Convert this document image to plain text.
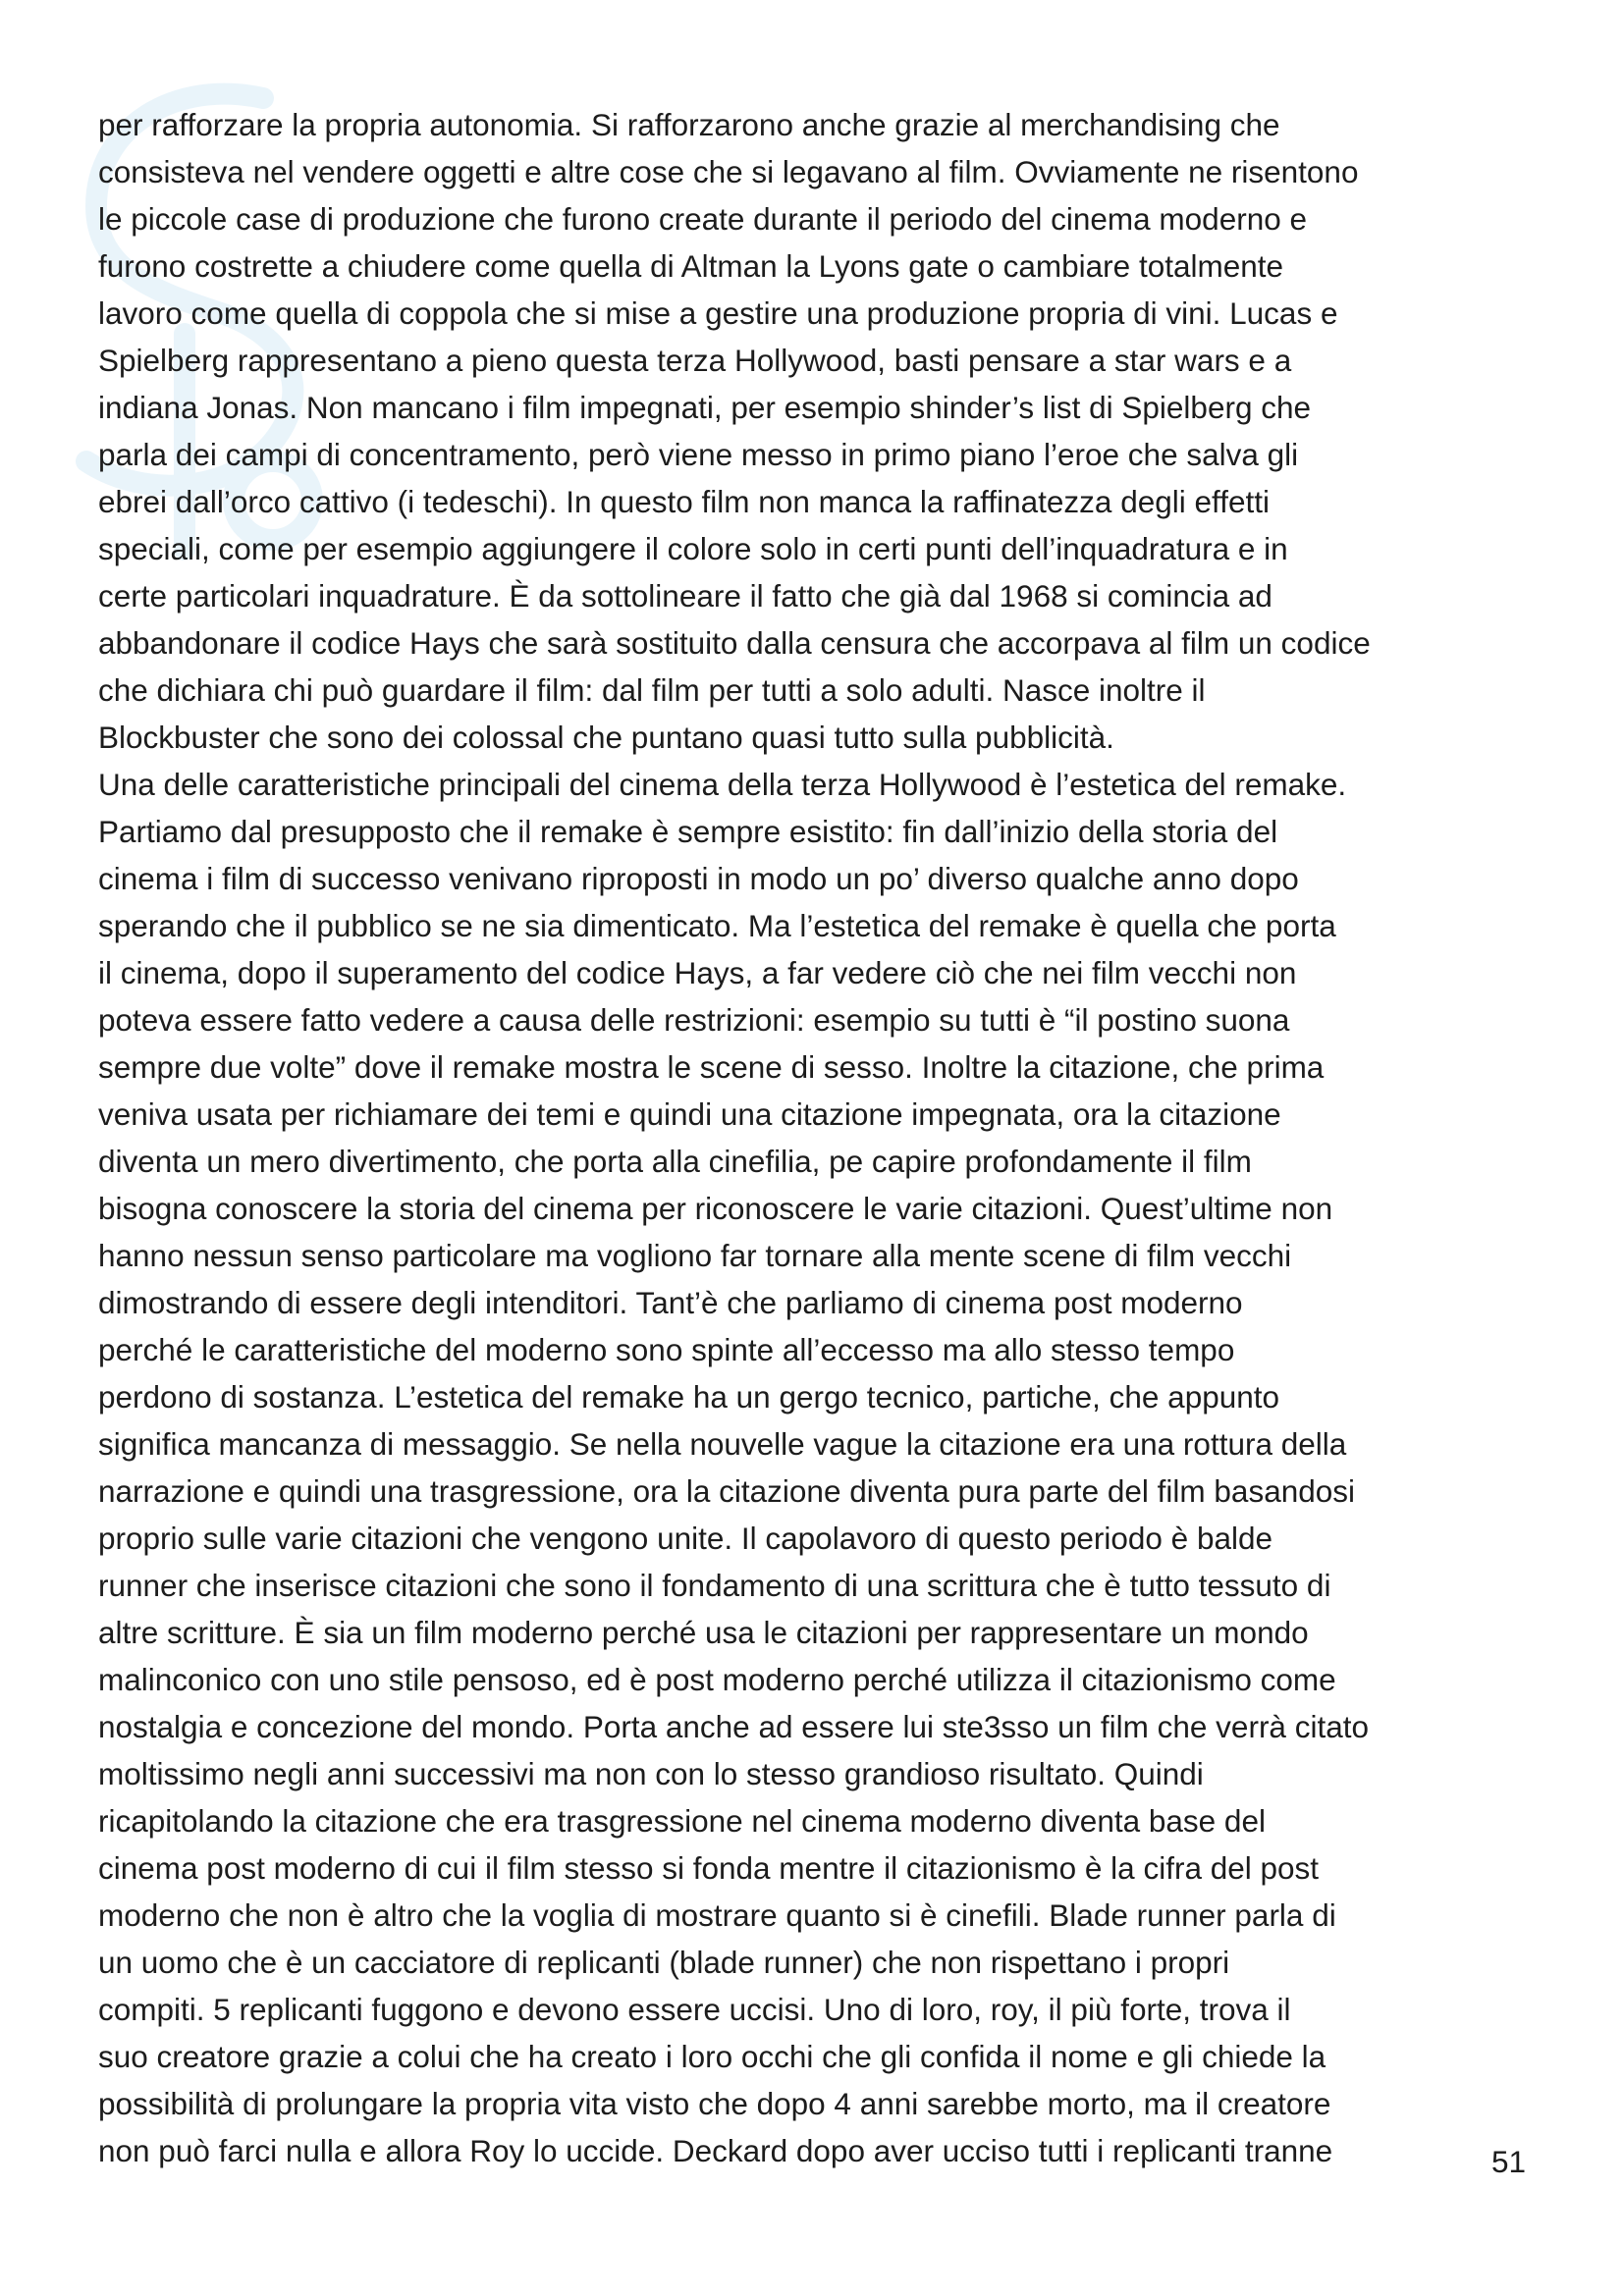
per rafforzare la propria autonomia. Si rafforzarono anche grazie al merchandising che
consisteva nel vendere oggetti e altre cose che si legavano al film. Ovviamente ne risentono
le piccole case di produzione che furono create durante il periodo del cinema moderno e
furono costrette a chiudere come quella di Altman la Lyons gate o cambiare totalmente
lavoro come quella di coppola che si mise a gestire una produzione propria di vini. Lucas e
Spielberg rappresentano a pieno questa terza Hollywood, basti pensare a star wars e a
indiana Jonas. Non mancano i film impegnati, per esempio shinder’s list di Spielberg che
parla dei campi di concentramento, però viene messo in primo piano l’eroe che salva gli
ebrei dall’orco cattivo (i tedeschi). In questo film non manca la raffinatezza degli effetti
speciali, come per esempio aggiungere il colore solo in certi punti dell’inquadratura e in
certe particolari inquadrature. È da sottolineare il fatto che già dal 1968 si comincia ad
abbandonare il codice Hays che sarà sostituito dalla censura che accorpava al film un codice
che dichiara chi può guardare il film: dal film per tutti a solo adulti. Nasce inoltre il
Blockbuster che sono dei colossal che puntano quasi tutto sulla pubblicità.
Una delle caratteristiche principali del cinema della terza Hollywood è l’estetica del remake.
Partiamo dal presupposto che il remake è sempre esistito: fin dall’inizio della storia del
cinema i film di successo venivano riproposti in modo un po’ diverso qualche anno dopo
sperando che il pubblico se ne sia dimenticato. Ma l’estetica del remake è quella che porta
il cinema, dopo il superamento del codice Hays, a far vedere ciò che nei film vecchi non
poteva essere fatto vedere a causa delle restrizioni: esempio su tutti è “il postino suona
sempre due volte” dove il remake mostra le scene di sesso. Inoltre la citazione, che prima
veniva usata per richiamare dei temi e quindi una citazione impegnata, ora la citazione
diventa un mero divertimento, che porta alla cinefilia, pe capire profondamente il film
bisogna conoscere la storia del cinema per riconoscere le varie citazioni. Quest’ultime non
hanno nessun senso particolare ma vogliono far tornare alla mente scene di film vecchi
dimostrando di essere degli intenditori. Tant’è che parliamo di cinema post moderno
perché le caratteristiche del moderno sono spinte all’eccesso ma allo stesso tempo
perdono di sostanza. L’estetica del remake ha un gergo tecnico, partiche, che appunto
significa mancanza di messaggio. Se nella nouvelle vague la citazione era una rottura della
narrazione e quindi una trasgressione, ora la citazione diventa pura parte del film basandosi
proprio sulle varie citazioni che vengono unite. Il capolavoro di questo periodo è balde
runner che inserisce citazioni che sono il fondamento di una scrittura che è tutto tessuto di
altre scritture. È sia un film moderno perché usa le citazioni per rappresentare un mondo
malinconico con uno stile pensoso, ed è post moderno perché utilizza il citazionismo come
nostalgia e concezione del mondo. Porta anche ad essere lui ste3sso un film che verrà citato
moltissimo negli anni successivi ma non con lo stesso grandioso risultato. Quindi
ricapitolando la citazione che era trasgressione nel cinema moderno diventa base del
cinema post moderno di cui il film stesso si fonda mentre il citazionismo è la cifra del post
moderno che non è altro che la voglia di mostrare quanto si è cinefili. Blade runner parla di
un uomo che è un cacciatore di replicanti (blade runner) che non rispettano i propri
compiti. 5 replicanti fuggono e devono essere uccisi. Uno di loro, roy, il più forte, trova il
suo creatore grazie a colui che ha creato i loro occhi che gli confida il nome e gli chiede la
possibilità di prolungare la propria vita visto che dopo 4 anni sarebbe morto, ma il creatore
non può farci nulla e allora Roy lo uccide. Deckard dopo aver ucciso tutti i replicanti tranne	51
